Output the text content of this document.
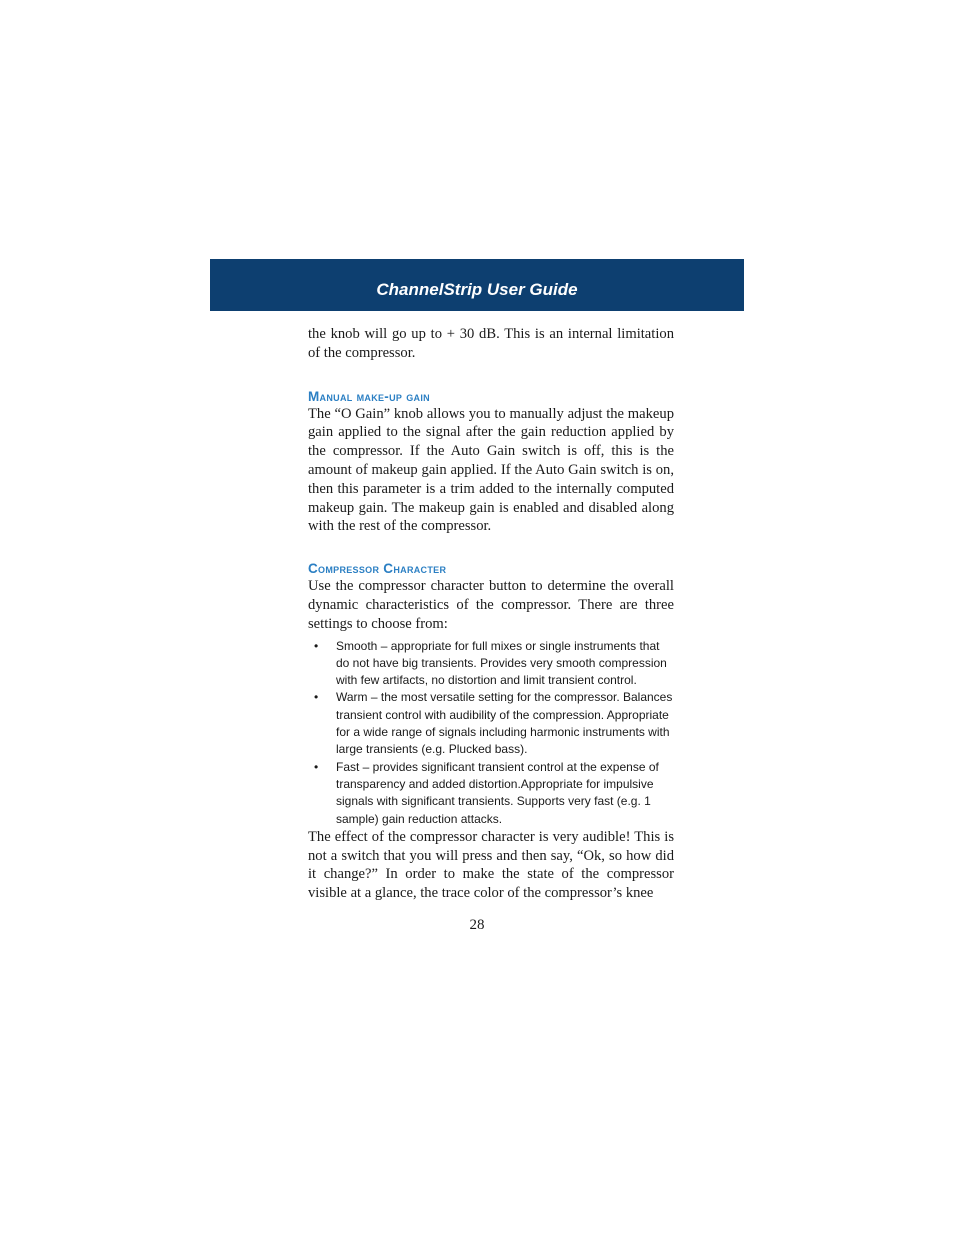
ChannelStrip User Guide

the knob will go up to + 30 dB. This is an internal limitation of the compressor.

Manual make-up gain

The “O Gain” knob allows you to manually adjust the makeup gain applied to the signal after the gain reduction applied by the compressor. If the Auto Gain switch is off, this is the amount of makeup gain applied. If the Auto Gain switch is on, then this parameter is a trim added to the internally computed makeup gain. The makeup gain is enabled and disabled along with the rest of the compressor.

Compressor Character

Use the compressor character button to determine the overall dynamic characteristics of the compressor. There are three settings to choose from:

• Smooth – appropriate for full mixes or single instruments that do not have big transients. Provides very smooth compression with few artifacts, no distortion and limit transient control.
• Warm – the most versatile setting for the compressor. Balances transient control with audibility of the compression. Appropriate for a wide range of signals including harmonic instruments with large transients (e.g. Plucked bass).
• Fast – provides significant transient control at the expense of transparency and added distortion.Appropriate for impulsive signals with significant transients. Supports very fast (e.g. 1 sample) gain reduction attacks.

The effect of the compressor character is very audible! This is not a switch that you will press and then say, “Ok, so how did it change?” In order to make the state of the compressor visible at a glance, the trace color of the compressor’s knee

28
